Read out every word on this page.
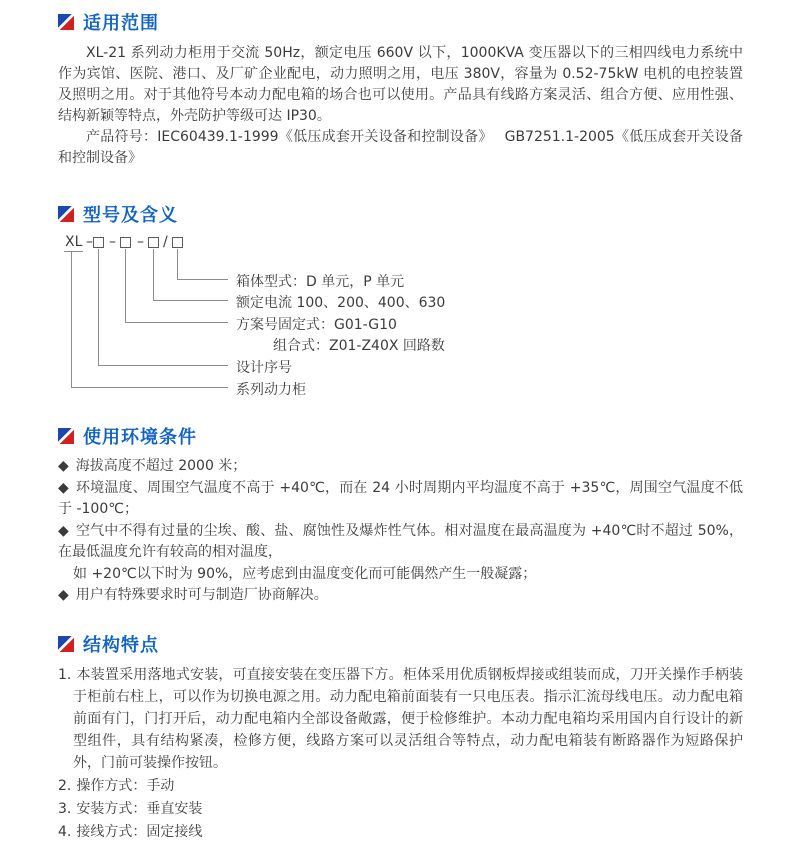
适用范围

XL-21 系列动力柜用于交流 50Hz，额定电压 660V 以下，1000KVA 变压器以下的三相四线电力系统中作为宾馆、医院、港口、及厂矿企业配电，动力照明之用，电压 380V，容量为 0.52-75kW 电机的电控装置及照明之用。对于其他符号本动力配电箱的场合也可以使用。产品具有线路方案灵活、组合方便、应用性强、结构新颖等特点，外壳防护等级可达 IP30。

产品符号：IEC60439.1-1999《低压成套开关设备和控制设备》　 GB7251.1-2005《低压成套开关设备和控制设备》

型号及含义
XL – – – /
箱体型式：D 单元，P 单元
额定电流 100、200、400、630
方案号固定式：G01-G10
组合式：Z01-Z40X 回路数
设计序号
系列动力柜
使用环境条件

◆ 海拔高度不超过 2000 米；

◆ 环境温度、周围空气温度不高于 +40℃，而在 24 小时周期内平均温度不高于 +35℃，周围空气温度不低于 -100℃；

◆ 空气中不得有过量的尘埃、酸、盐、腐蚀性及爆炸性气体。相对温度在最高温度为 +40℃时不超过 50%，在最低温度允许有较高的相对温度，

如 +20℃以下时为 90%，应考虑到由温度变化而可能偶然产生一般凝露；

◆ 用户有特殊要求时可与制造厂协商解决。

结构特点

1. 本装置采用落地式安装，可直接安装在变压器下方。柜体采用优质钢板焊接或组装而成，刀开关操作手柄装于柜前右柱上，可以作为切换电源之用。动力配电箱前面装有一只电压表。指示汇流母线电压。动力配电箱前面有门，门打开后，动力配电箱内全部设备敞露，便于检修维护。本动力配电箱均采用国内自行设计的新型组件，具有结构紧凑，检修方便，线路方案可以灵活组合等特点，动力配电箱装有断路器作为短路保护外，门前可装操作按钮。

2. 操作方式：手动

3. 安装方式：垂直安装

4. 接线方式：固定接线
